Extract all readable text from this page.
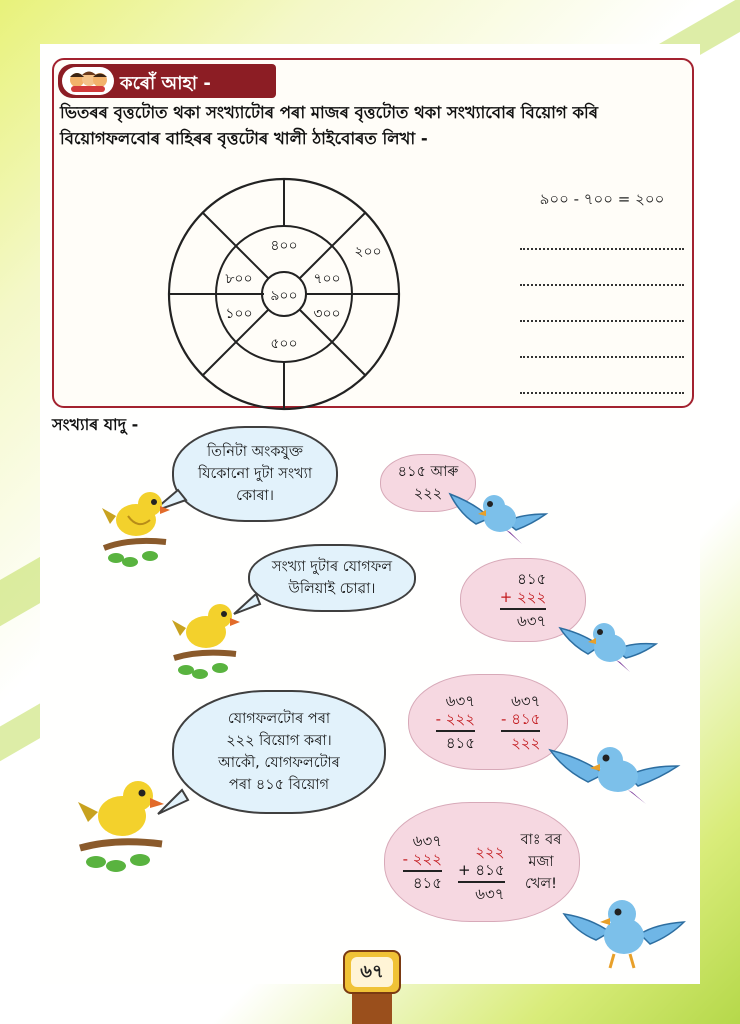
কৰোঁ আহা -
ভিতৰৰ বৃত্তটোত থকা সংখ্যাটোৰ পৰা মাজৰ বৃত্তটোত থকা সংখ্যাবোৰ বিয়োগ কৰি বিয়োগফলবোৰ বাহিৰৰ বৃত্তটোৰ খালী ঠাইবোৰত লিখা -
৯০০
৪০০
৭০০
৩০০
৫০০
১০০
৮০০
২০০
৯০০ - ৭০০ = ২০০
সংখ্যাৰ যাদু -
তিনিটা অংকযুক্ত
যিকোনো দুটা সংখ্যা
কোৰা।
৪১৫ আৰু
২২২
সংখ্যা দুটাৰ যোগফল
উলিয়াই চোৱা।
৪১৫
+ ২২২
৬৩৭
যোগফলটোৰ পৰা
২২২ বিয়োগ কৰা।
আকৌ, যোগফলটোৰ
পৰা ৪১৫ বিয়োগ
৬৩৭
- ২২২
৪১৫
৬৩৭
- ৪১৫
২২২
৬৩৭
- ২২২
৪১৫
২২২
+ ৪১৫
৬৩৭
বাঃ বৰ
মজা
খেল!
৬৭
